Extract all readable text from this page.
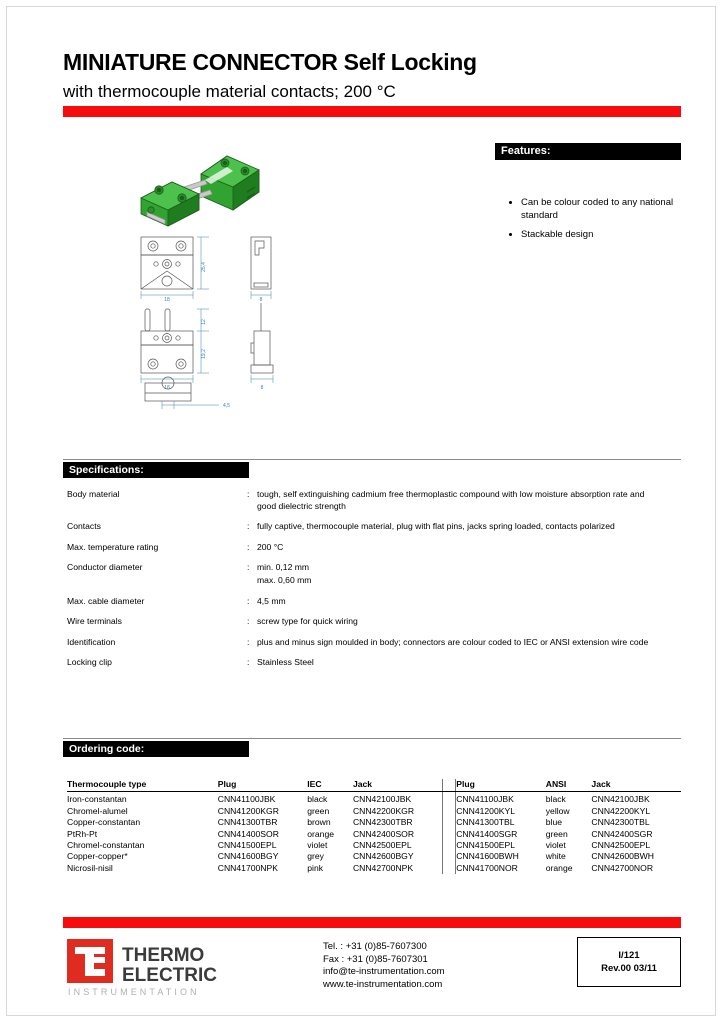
MINIATURE CONNECTOR Self Locking
with thermocouple material contacts; 200 °C
Features:
• Can be colour coded to any national standard
• Stackable design
25,4
18	8
12
19,2
18	8
4,5
Specifications:
Body material	: tough, self extinguishing cadmium free thermoplastic compound with low moisture absorption rate and good dielectric strength
Contacts	: fully captive, thermocouple material, plug with flat pins, jacks spring loaded, contacts polarized
Max. temperature rating	: 200 °C
Conductor diameter	: min. 0,12 mm
max. 0,60 mm
Max. cable diameter	: 4,5 mm
Wire terminals	: screw type for quick wiring
Identification	: plus and minus sign moulded in body; connectors are colour coded to IEC or ANSI extension wire code
Locking clip	: Stainless Steel
Ordering code:
Thermocouple type	Plug	IEC	Jack		Plug	ANSI	Jack
Iron-constantan	CNN41100JBK	black	CNN42100JBK		CNN41100JBK	black	CNN42100JBK
Chromel-alumel	CNN41200KGR	green	CNN42200KGR		CNN41200KYL	yellow	CNN42200KYL
Copper-constantan	CNN41300TBR	brown	CNN42300TBR		CNN41300TBL	blue	CNN42300TBL
PtRh-Pt	CNN41400SOR	orange	CNN42400SOR		CNN41400SGR	green	CNN42400SGR
Chromel-constantan	CNN41500EPL	violet	CNN42500EPL		CNN41500EPL	violet	CNN42500EPL
Copper-copper*	CNN41600BGY	grey	CNN42600BGY		CNN41600BWH	white	CNN42600BWH
Nicrosil-nisil	CNN41700NPK	pink	CNN42700NPK		CNN41700NOR	orange	CNN42700NOR
THERMO
ELECTRIC
INSTRUMENTATION
Tel. : +31 (0)85-7607300
Fax : +31 (0)85-7607301
info@te-instrumentation.com
www.te-instrumentation.com
I/121
Rev.00 03/11
